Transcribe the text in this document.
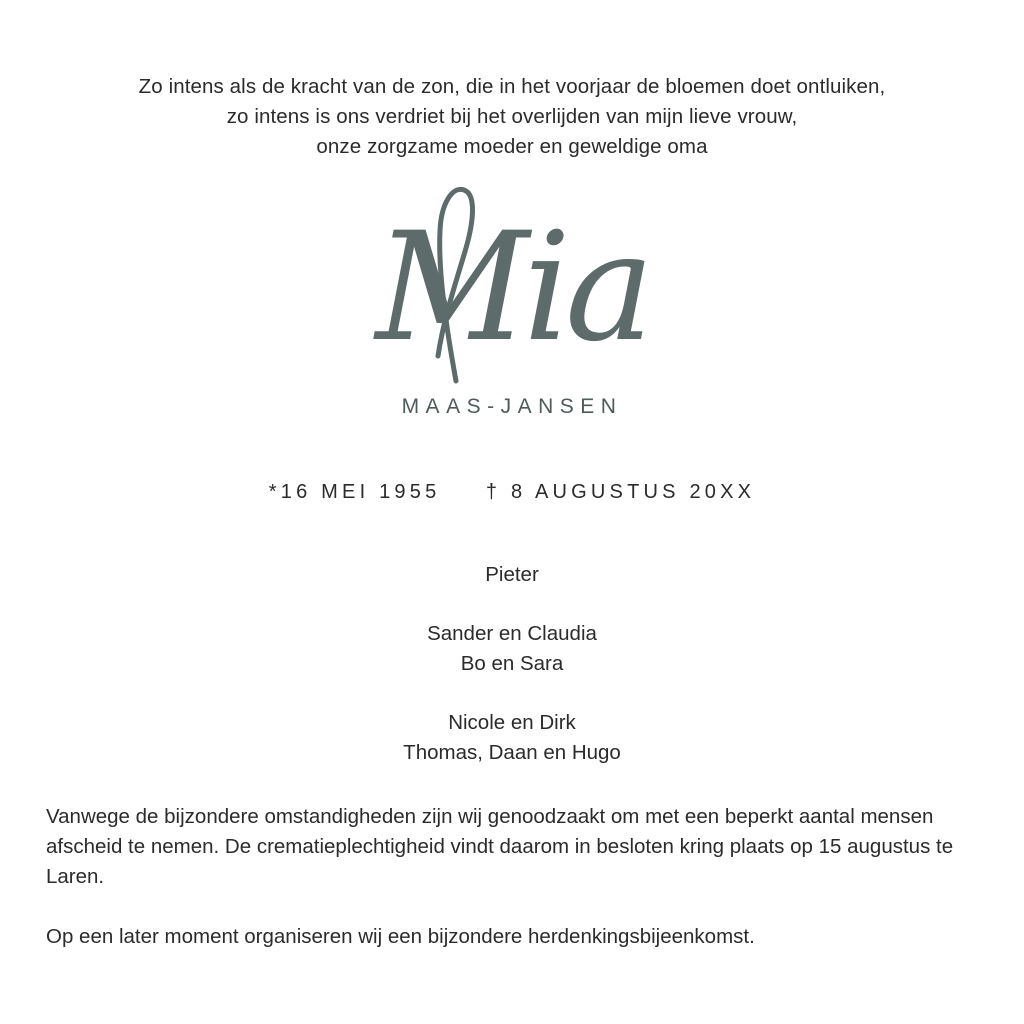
Zo intens als de kracht van de zon, die in het voorjaar de bloemen doet ontluiken,
zo intens is ons verdriet bij het overlijden van mijn lieve vrouw,
onze zorgzame moeder en geweldige oma
Mia
MAAS-JANSEN
*16 MEI 1955 † 8 AUGUSTUS 20XX
Pieter
Sander en Claudia
Bo en Sara
Nicole en Dirk
Thomas, Daan en Hugo

Vanwege de bijzondere omstandigheden zijn wij genoodzaakt om met een beperkt aantal mensen afscheid te nemen. De crematieplechtigheid vindt daarom in besloten kring plaats op 15 augustus te Laren.

Op een later moment organiseren wij een bijzondere herdenkingsbijeenkomst.
